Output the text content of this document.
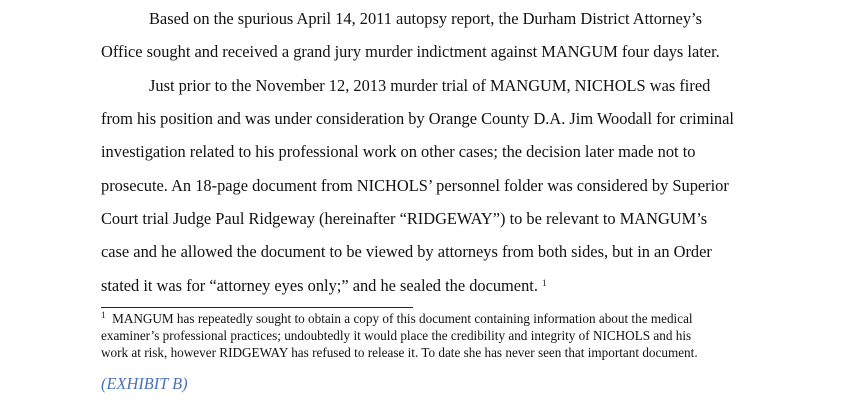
Based on the spurious April 14, 2011 autopsy report, the Durham District Attorney’s
Office sought and received a grand jury murder indictment against MANGUM four days later.
Just prior to the November 12, 2013 murder trial of MANGUM, NICHOLS was fired
from his position and was under consideration by Orange County D.A. Jim Woodall for criminal
investigation related to his professional work on other cases; the decision later made not to
prosecute. An 18-page document from NICHOLS’ personnel folder was considered by Superior
Court trial Judge Paul Ridgeway (hereinafter “RIDGEWAY”) to be relevant to MANGUM’s
case and he allowed the document to be viewed by attorneys from both sides, but in an Order
stated it was for “attorney eyes only;” and he sealed the document. $^1$
$^1$ MANGUM has repeatedly sought to obtain a copy of this document containing information about the medical
examiner’s professional practices; undoubtedly it would place the credibility and integrity of NICHOLS and his
work at risk, however RIDGEWAY has refused to release it. To date she has never seen that important document.
(EXHIBIT B)
